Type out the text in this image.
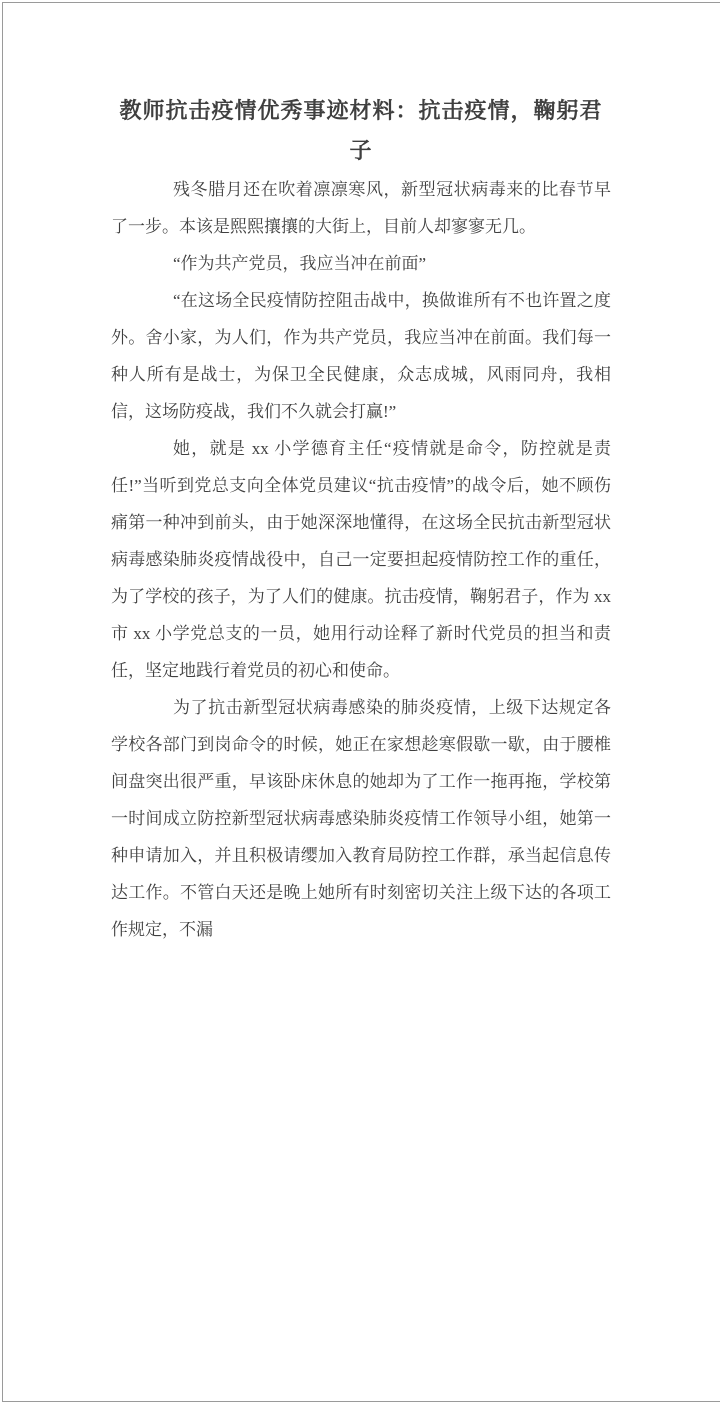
教师抗击疫情优秀事迹材料：抗击疫情，鞠躬君子

残冬腊月还在吹着凛凛寒风，新型冠状病毒来的比春节早了一步。本该是熙熙攘攘的大街上，目前人却寥寥无几。

“作为共产党员，我应当冲在前面”

“在这场全民疫情防控阻击战中，换做谁所有不也许置之度外。舍小家，为人们，作为共产党员，我应当冲在前面。我们每一种人所有是战士，为保卫全民健康，众志成城，风雨同舟，我相信，这场防疫战，我们不久就会打赢!”

她，就是 xx 小学德育主任“疫情就是命令，防控就是责任!”当听到党总支向全体党员建议“抗击疫情”的战令后，她不顾伤痛第一种冲到前头，由于她深深地懂得，在这场全民抗击新型冠状病毒感染肺炎疫情战役中，自己一定要担起疫情防控工作的重任，为了学校的孩子，为了人们的健康。抗击疫情，鞠躬君子，作为 xx 市 xx 小学党总支的一员，她用行动诠释了新时代党员的担当和责任，坚定地践行着党员的初心和使命。

为了抗击新型冠状病毒感染的肺炎疫情，上级下达规定各学校各部门到岗命令的时候，她正在家想趁寒假歇一歇，由于腰椎间盘突出很严重，早该卧床休息的她却为了工作一拖再拖，学校第一时间成立防控新型冠状病毒感染肺炎疫情工作领导小组，她第一种申请加入，并且积极请缨加入教育局防控工作群，承当起信息传达工作。不管白天还是晚上她所有时刻密切关注上级下达的各项工作规定，不漏
